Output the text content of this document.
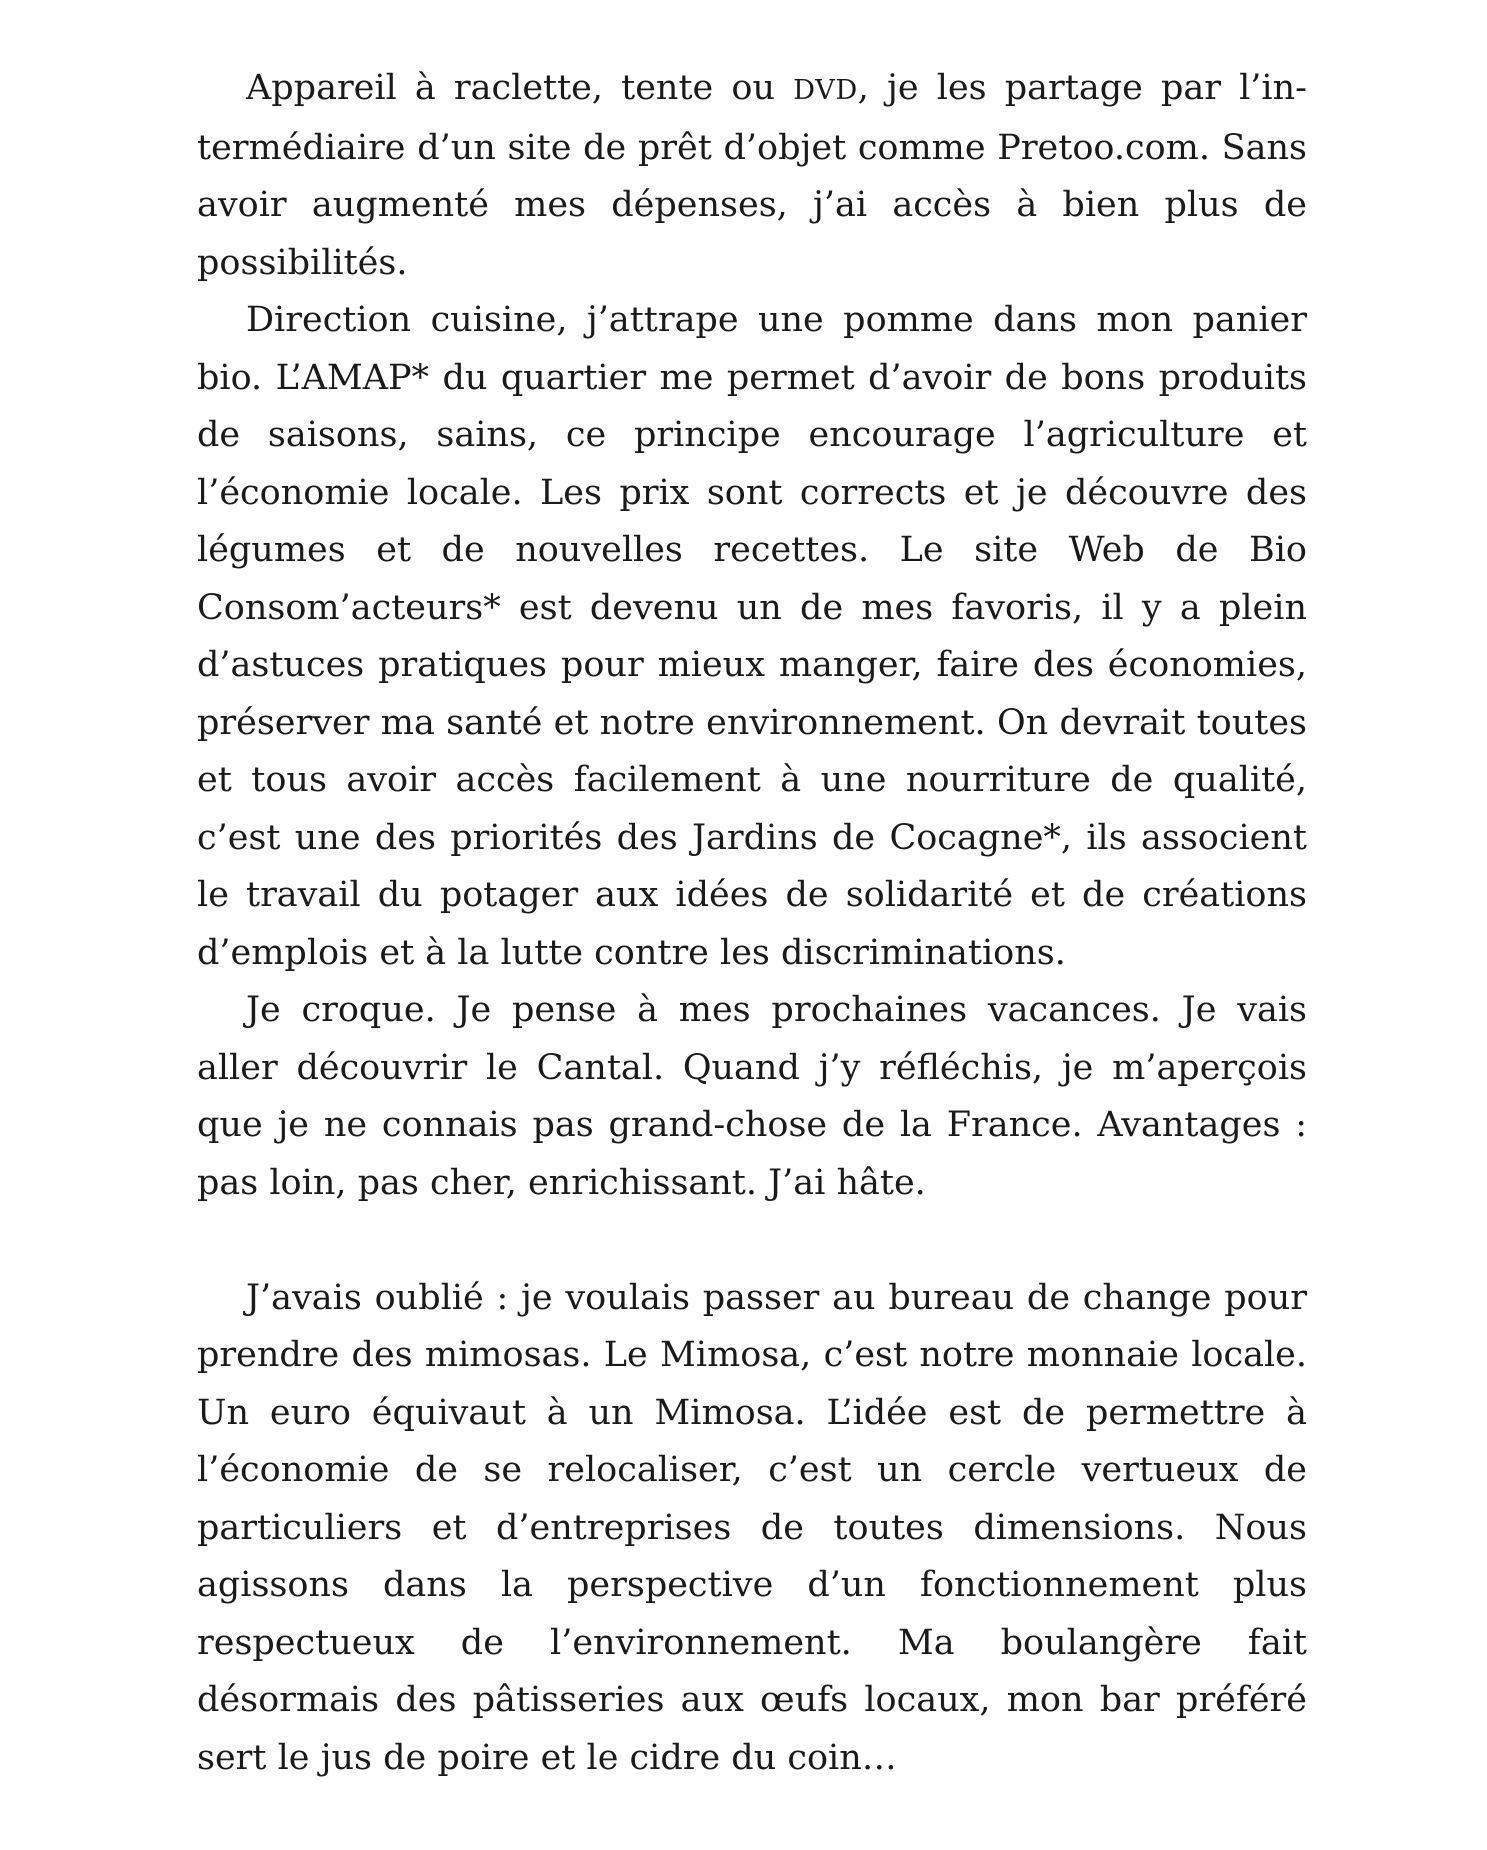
Appareil à raclette, tente ou DVD, je les partage par l’intermédiaire d’un site de prêt d’objet comme Pretoo.com. Sans avoir augmenté mes dépenses, j’ai accès à bien plus de possibilités.

Direction cuisine, j’attrape une pomme dans mon panier bio. L’AMAP* du quartier me permet d’avoir de bons produits de saisons, sains, ce principe encourage l’agriculture et l’économie locale. Les prix sont corrects et je découvre des légumes et de nouvelles recettes. Le site Web de Bio Consom’acteurs* est devenu un de mes favoris, il y a plein d’astuces pratiques pour mieux manger, faire des économies, préserver ma santé et notre environnement. On devrait toutes et tous avoir accès facilement à une nourriture de qualité, c’est une des priorités des Jardins de Cocagne*, ils associent le travail du potager aux idées de solidarité et de créations d’emplois et à la lutte contre les discriminations.

Je croque. Je pense à mes prochaines vacances. Je vais aller découvrir le Cantal. Quand j’y réfléchis, je m’aperçois que je ne connais pas grand-chose de la France. Avantages : pas loin, pas cher, enrichissant. J’ai hâte.

J’avais oublié : je voulais passer au bureau de change pour prendre des mimosas. Le Mimosa, c’est notre monnaie locale. Un euro équivaut à un Mimosa. L’idée est de permettre à l’économie de se relocaliser, c’est un cercle vertueux de particuliers et d’entreprises de toutes dimensions. Nous agissons dans la perspective d’un fonctionnement plus respectueux de l’environnement. Ma boulangère fait désormais des pâtisseries aux œufs locaux, mon bar préféré sert le jus de poire et le cidre du coin…
